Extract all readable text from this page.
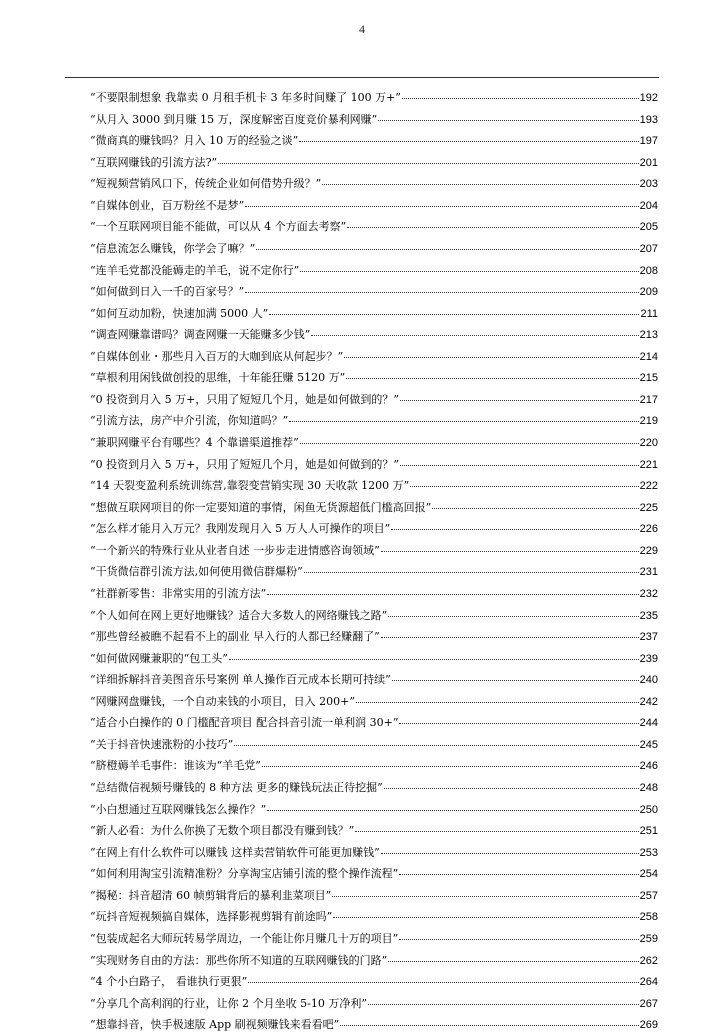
4
“不要限制想象 我靠卖 0 月租手机卡 3 年多时间赚了 100 万+”	192
“从月入 3000 到月赚 15 万，深度解密百度竞价暴利网赚”	193
“微商真的赚钱吗？月入 10 万的经验之谈”	197
“互联网赚钱的引流方法?”	201
“短视频营销风口下，传统企业如何借势升级？”	203
“自媒体创业，百万粉丝不是梦”	204
“一个互联网项目能不能做，可以从 4 个方面去考察”	205
“信息流怎么赚钱，你学会了嘛？”	207
“连羊毛党都没能薅走的羊毛，说不定你行”	208
“如何做到日入一千的百家号？”	209
“如何互动加粉，快速加满 5000 人”	211
“调查网赚靠谱吗？调查网赚一天能赚多少钱”	213
“自媒体创业・那些月入百万的大咖到底从何起步？”	214
“草根利用闲钱做创投的思维，十年能狂赚 5120 万”	215
“0 投资到月入 5 万+，只用了短短几个月，她是如何做到的？”	217
“引流方法，房产中介引流，你知道吗？”	219
“兼职网赚平台有哪些？4 个靠谱渠道推荐”	220
“0 投资到月入 5 万+，只用了短短几个月，她是如何做到的？”	221
“14 天裂变盈利系统训练营,靠裂变营销实现 30 天收款 1200 万”	222
“想做互联网项目的你一定要知道的事情，闲鱼无货源超低门槛高回报”	225
“怎么样才能月入万元？我刚发现月入 5 万人人可操作的项目”	226
“一个新兴的特殊行业从业者自述 一步步走进情感咨询领域”	229
“干货微信群引流方法,如何使用微信群爆粉”	231
“社群新零售：非常实用的引流方法”	232
“个人如何在网上更好地赚钱？适合大多数人的网络赚钱之路”	235
“那些曾经被瞧不起看不上的副业 早入行的人都已经赚翻了”	237
“如何做网赚兼职的“包工头”	239
“详细拆解抖音美图音乐号案例 单人操作百元成本长期可持续”	240
“网赚网盘赚钱，一个自动来钱的小项目，日入 200+”	242
“适合小白操作的 0 门槛配音项目 配合抖音引流一单利润 30+”	244
“关于抖音快速涨粉的小技巧”	245
“脐橙薅羊毛事件：谁该为“羊毛党”	246
“总结微信视频号赚钱的 8 种方法 更多的赚钱玩法正待挖掘”	248
“小白想通过互联网赚钱怎么操作？”	250
“新人必看：为什么你换了无数个项目都没有赚到钱？”	251
“在网上有什么软件可以赚钱 这样卖营销软件可能更加赚钱”	253
“如何利用淘宝引流精准粉？分享淘宝店铺引流的整个操作流程”	254
“揭秘：抖音超清 60 帧剪辑背后的暴利韭菜项目”	257
“玩抖音短视频搞自媒体，选择影视剪辑有前途吗”	258
“包装成起名大师玩转易学周边，一个能让你月赚几十万的项目”	259
“实现财务自由的方法：那些你所不知道的互联网赚钱的门路”	262
“4 个小白路子， 看谁执行更狠”	264
“分享几个高利润的行业，让你 2 个月坐收 5-10 万净利”	267
“想靠抖音，快手极速版 App 刷视频赚钱来看看吧”	269
